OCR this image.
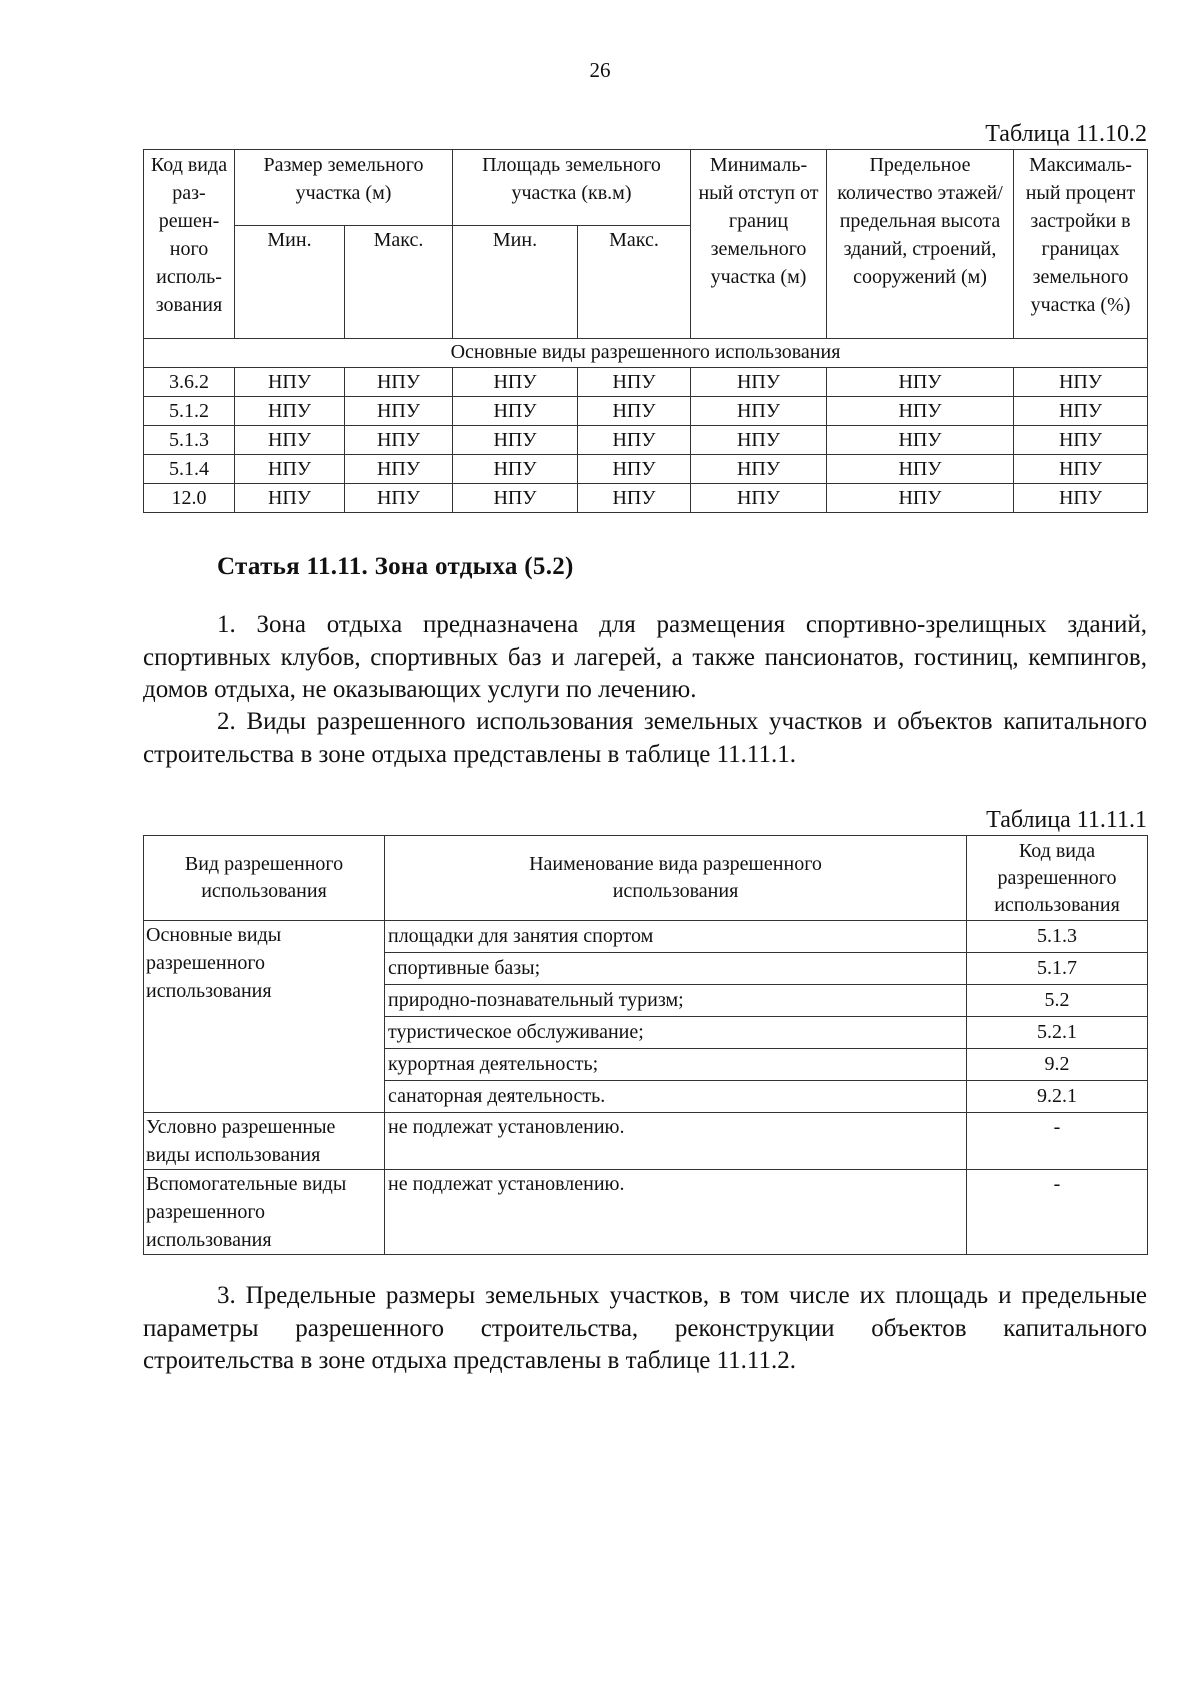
26
Таблица 11.10.2
Код вида раз- решен- ного исполь- зования	Размер земельного участка (м)		Площадь земельного участка (кв.м)		Минималь- ный отступ от границ земельного участка (м)	Предельное количество этажей/ предельная высота зданий, строений, сооружений (м)	Максималь- ный процент застройки в границах земельного участка (%)

	Мин.	Макс.	Мин.	Макс.			
Основные виды разрешенного использования							
3.6.2	НПУ	НПУ	НПУ	НПУ	НПУ	НПУ	НПУ
5.1.2	НПУ	НПУ	НПУ	НПУ	НПУ	НПУ	НПУ
5.1.3	НПУ	НПУ	НПУ	НПУ	НПУ	НПУ	НПУ
5.1.4	НПУ	НПУ	НПУ	НПУ	НПУ	НПУ	НПУ
12.0	НПУ	НПУ	НПУ	НПУ	НПУ	НПУ	НПУ
Статья 11.11. Зона отдыха (5.2)
1. Зона отдыха предназначена для размещения спортивно-зрелищных зданий, спортивных клубов, спортивных баз и лагерей, а также пансионатов, гостиниц, кемпингов, домов отдыха, не оказывающих услуги по лечению.
2. Виды разрешенного использования земельных участков и объектов капитального строительства в зоне отдыха представлены в таблице 11.11.1.
Таблица 11.11.1
Вид разрешенного использования	Наименование вида разрешенного использования	Код вида разрешенного использования

Основные виды разрешенного использования	площадки для занятия спортом	5.1.3
	спортивные базы;	5.1.7
	природно-познавательный туризм;	5.2
	туристическое обслуживание;	5.2.1
	курортная деятельность;	9.2
	санаторная деятельность.	9.2.1

Условно разрешенные виды использования	не подлежат установлению.	-

Вспомогательные виды разрешенного использования	не подлежат установлению.	-
3. Предельные размеры земельных участков, в том числе их площадь и предельные параметры разрешенного строительства, реконструкции объектов капитального строительства в зоне отдыха представлены в таблице 11.11.2.
